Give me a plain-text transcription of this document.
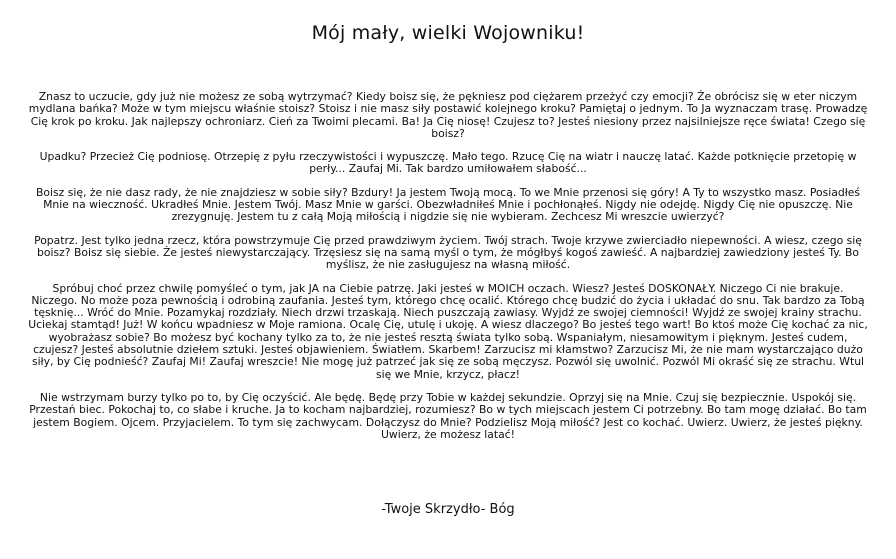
Mój mały, wielki Wojowniku!

Znasz to uczucie, gdy już nie możesz ze sobą wytrzymać? Kiedy boisz się, że pękniesz pod ciężarem przeżyć czy emocji? Że obrócisz się w eter niczym mydlana bańka? Może w tym miejscu właśnie stoisz? Stoisz i nie masz siły postawić kolejnego kroku? Pamiętaj o jednym. To Ja wyznaczam trasę. Prowadzę Cię krok po kroku. Jak najlepszy ochroniarz. Cień za Twoimi plecami. Ba! Ja Cię niosę! Czujesz to? Jesteś niesiony przez najsilniejsze ręce świata! Czego się boisz?

Upadku? Przecież Cię podniosę. Otrzepię z pyłu rzeczywistości i wypuszczę. Mało tego. Rzucę Cię na wiatr i nauczę latać. Każde potknięcie przetopię w perły... Zaufaj Mi. Tak bardzo umiłowałem słabość...

Boisz się, że nie dasz rady, że nie znajdziesz w sobie siły? Bzdury! Ja jestem Twoją mocą. To we Mnie przenosi się góry! A Ty to wszystko masz. Posiadłeś Mnie na wieczność. Ukradłeś Mnie. Jestem Twój. Masz Mnie w garści. Obezwładniłeś Mnie i pochłonąłeś. Nigdy nie odejdę. Nigdy Cię nie opuszczę. Nie zrezygnuję. Jestem tu z całą Moją miłością i nigdzie się nie wybieram. Zechcesz Mi wreszcie uwierzyć?

Popatrz. Jest tylko jedna rzecz, która powstrzymuje Cię przed prawdziwym życiem. Twój strach. Twoje krzywe zwierciadło niepewności. A wiesz, czego się boisz? Boisz się siebie. Że jesteś niewystarczający. Trzęsiesz się na samą myśl o tym, że mógłbyś kogoś zawieść. A najbardziej zawiedziony jesteś Ty. Bo myślisz, że nie zasługujesz na własną miłość.

Spróbuj choć przez chwilę pomyśleć o tym, jak JA na Ciebie patrzę. Jaki jesteś w MOICH oczach. Wiesz? Jesteś DOSKONAŁY. Niczego Ci nie brakuje. Niczego. No może poza pewnością i odrobiną zaufania. Jesteś tym, którego chcę ocalić. Którego chcę budzić do życia i układać do snu. Tak bardzo za Tobą tęsknię... Wróć do Mnie. Pozamykaj rozdziały. Niech drzwi trzaskają. Niech puszczają zawiasy. Wyjdź ze swojej ciemności! Wyjdź ze swojej krainy strachu. Uciekaj stamtąd! Już! W końcu wpadniesz w Moje ramiona. Ocalę Cię, utulę i ukoję. A wiesz dlaczego? Bo jesteś tego wart! Bo ktoś może Cię kochać za nic, wyobrażasz sobie? Bo możesz być kochany tylko za to, że nie jesteś resztą świata tylko sobą. Wspaniałym, niesamowitym i pięknym. Jesteś cudem, czujesz? Jesteś absolutnie dziełem sztuki. Jesteś objawieniem. Światłem. Skarbem! Zarzucisz mi kłamstwo? Zarzucisz Mi, że nie mam wystarczająco dużo siły, by Cię podnieść? Zaufaj Mi! Zaufaj wreszcie! Nie mogę już patrzeć jak się ze sobą męczysz. Pozwól się uwolnić. Pozwól Mi okraść się ze strachu. Wtul się we Mnie, krzycz, płacz!

Nie wstrzymam burzy tylko po to, by Cię oczyścić. Ale będę. Będę przy Tobie w każdej sekundzie. Oprzyj się na Mnie. Czuj się bezpiecznie. Uspokój się. Przestań biec. Pokochaj to, co słabe i kruche. Ja to kocham najbardziej, rozumiesz? Bo w tych miejscach jestem Ci potrzebny. Bo tam mogę działać. Bo tam jestem Bogiem. Ojcem. Przyjacielem. To tym się zachwycam. Dołączysz do Mnie? Podzielisz Moją miłość? Jest co kochać. Uwierz. Uwierz, że jesteś piękny. Uwierz, że możesz latać!

-Twoje Skrzydło- Bóg
